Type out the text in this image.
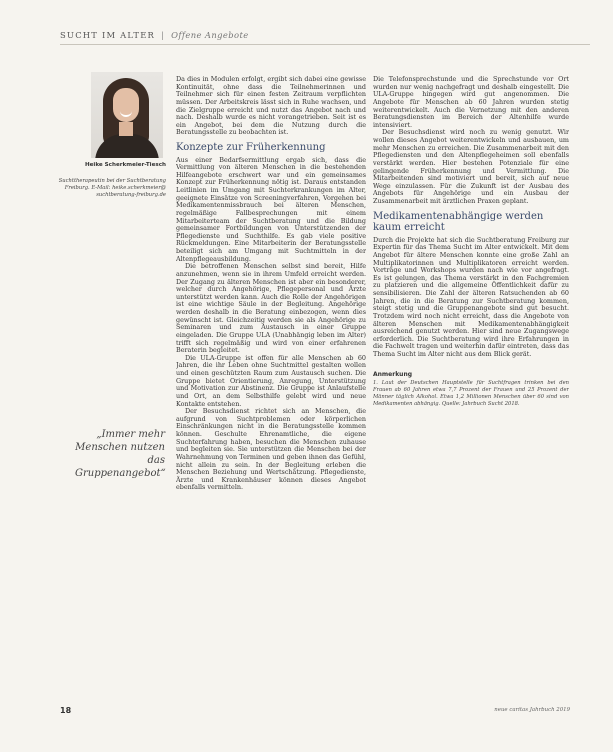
SUCHT IM ALTER | Offene Angebote
Heike Scherkmeier-Tiesch
Suchttherapeutin bei der Suchtberatung Freiburg. E-Mail: heike.scherkmeier@ suchtberatung-freiburg.de
„Immer mehr Menschen nutzen das Gruppenangebot“

Da dies in Modulen erfolgt, ergibt sich dabei eine gewisse Kontinuität, ohne dass die Teilnehmerinnen und Teilnehmer sich für einen festen Zeitraum verpflichten müssen. Der Arbeitskreis lässt sich in Ruhe wachsen, und die Zielgruppe erreicht und nutzt das Angebot nach und nach. Deshalb wurde es nicht vorangetrieben. Seit ist es ein Angebot, bei dem die Nutzung durch die Beratungsstelle zu beobachten ist.

Konzepte zur Früherkennung

Aus einer Bedarfsermittlung ergab sich, dass die Vermittlung von älteren Menschen in die bestehenden Hilfeangebote erschwert war und ein gemeinsames Konzept zur Früherkennung nötig ist. Daraus entstanden Leitlinien im Umgang mit Suchterkrankungen im Alter, geeignete Einsätze von Screeningverfahren, Vorgehen bei Medikamentenmissbrauch bei älteren Menschen, regelmäßige Fallbesprechungen mit einem Mitarbeiterteam der Suchtberatung und die Bildung gemeinsamer Fortbildungen von Unterstützenden der Pflegedienste und Suchthilfe. Es gab viele positive Rückmeldungen. Eine Mitarbeiterin der Beratungsstelle beteiligt sich am Umgang mit Suchtmitteln in der Altenpflegeausbildung.

Die betroffenen Menschen selbst sind bereit, Hilfe anzunehmen, wenn sie in ihrem Umfeld erreicht werden. Der Zugang zu älteren Menschen ist aber ein besonderer, welcher durch Angehörige, Pflegepersonal und Ärzte unterstützt werden kann. Auch die Rolle der Angehörigen ist eine wichtige Säule in der Begleitung. Angehörige werden deshalb in die Beratung einbezogen, wenn dies gewünscht ist. Gleichzeitig werden sie als Angehörige zu Seminaren und zum Austausch in einer Gruppe eingeladen. Die Gruppe ULA (Unabhängig leben im Alter) trifft sich regelmäßig und wird von einer erfahrenen Beraterin begleitet.

Die ULA-Gruppe ist offen für alle Menschen ab 60 Jahren, die ihr Leben ohne Suchtmittel gestalten wollen und einen geschützten Raum zum Austausch suchen. Die Gruppe bietet Orientierung, Anregung, Unterstützung und Motivation zur Abstinenz. Die Gruppe ist Anlaufstelle und Ort, an dem Selbsthilfe gelebt wird und neue Kontakte entstehen.

Der Besuchsdienst richtet sich an Menschen, die aufgrund von Suchtproblemen oder körperlichen Einschränkungen nicht in die Beratungsstelle kommen können. Geschulte Ehrenamtliche, die eigene Suchterfahrung haben, besuchen die Menschen zuhause und begleiten sie. Sie unterstützen die Menschen bei der Wahrnehmung von Terminen und geben ihnen das Gefühl, nicht allein zu sein. In der Begleitung erleben die Menschen Beziehung und Wertschätzung. Pflegedienste, Ärzte und Krankenhäuser können dieses Angebot ebenfalls vermitteln.

Die Telefonsprechstunde und die Sprechstunde vor Ort wurden nur wenig nachgefragt und deshalb eingestellt. Die ULA-Gruppe hingegen wird gut angenommen. Die Angebote für Menschen ab 60 Jahren wurden stetig weiterentwickelt. Auch die Vernetzung mit den anderen Beratungsdiensten im Bereich der Altenhilfe wurde intensiviert.

Der Besuchsdienst wird noch zu wenig genutzt. Wir wollen dieses Angebot weiterentwickeln und ausbauen, um mehr Menschen zu erreichen. Die Zusammenarbeit mit den Pflegediensten und den Altenpflegeheimen soll ebenfalls verstärkt werden. Hier bestehen Potenziale für eine gelingende Früherkennung und Vermittlung. Die Mitarbeitenden sind motiviert und bereit, sich auf neue Wege einzulassen. Für die Zukunft ist der Ausbau des Angebots für Angehörige und ein Ausbau der Zusammenarbeit mit ärztlichen Praxen geplant.

Medikamentenabhängige werden kaum erreicht

Durch die Projekte hat sich die Suchtberatung Freiburg zur Expertin für das Thema Sucht im Alter entwickelt. Mit dem Angebot für ältere Menschen konnte eine große Zahl an Multiplikatorinnen und Multiplikatoren erreicht werden. Vorträge und Workshops wurden nach wie vor angefragt. Es ist gelungen, das Thema verstärkt in den Fachgremien zu platzieren und die allgemeine Öffentlichkeit dafür zu sensibilisieren. Die Zahl der älteren Ratsuchenden ab 60 Jahren, die in die Beratung zur Suchtberatung kommen, steigt stetig und die Gruppenangebote sind gut besucht. Trotzdem wird noch nicht erreicht, dass die Angebote von älteren Menschen mit Medikamentenabhängigkeit ausreichend genutzt werden. Hier sind neue Zugangswege erforderlich. Die Suchtberatung wird ihre Erfahrungen in die Fachwelt tragen und weiterhin dafür eintreten, dass das Thema Sucht im Alter nicht aus dem Blick gerät.

Anmerkung

1. Laut der Deutschen Hauptstelle für Suchtfragen trinken bei den Frauen ab 60 Jahren etwa 7,7 Prozent der Frauen und 25 Prozent der Männer täglich Alkohol. Etwa 1,2 Millionen Menschen über 60 sind von Medikamenten abhängig. Quelle: Jahrbuch Sucht 2018.

18	neue caritas Jahrbuch 2019
